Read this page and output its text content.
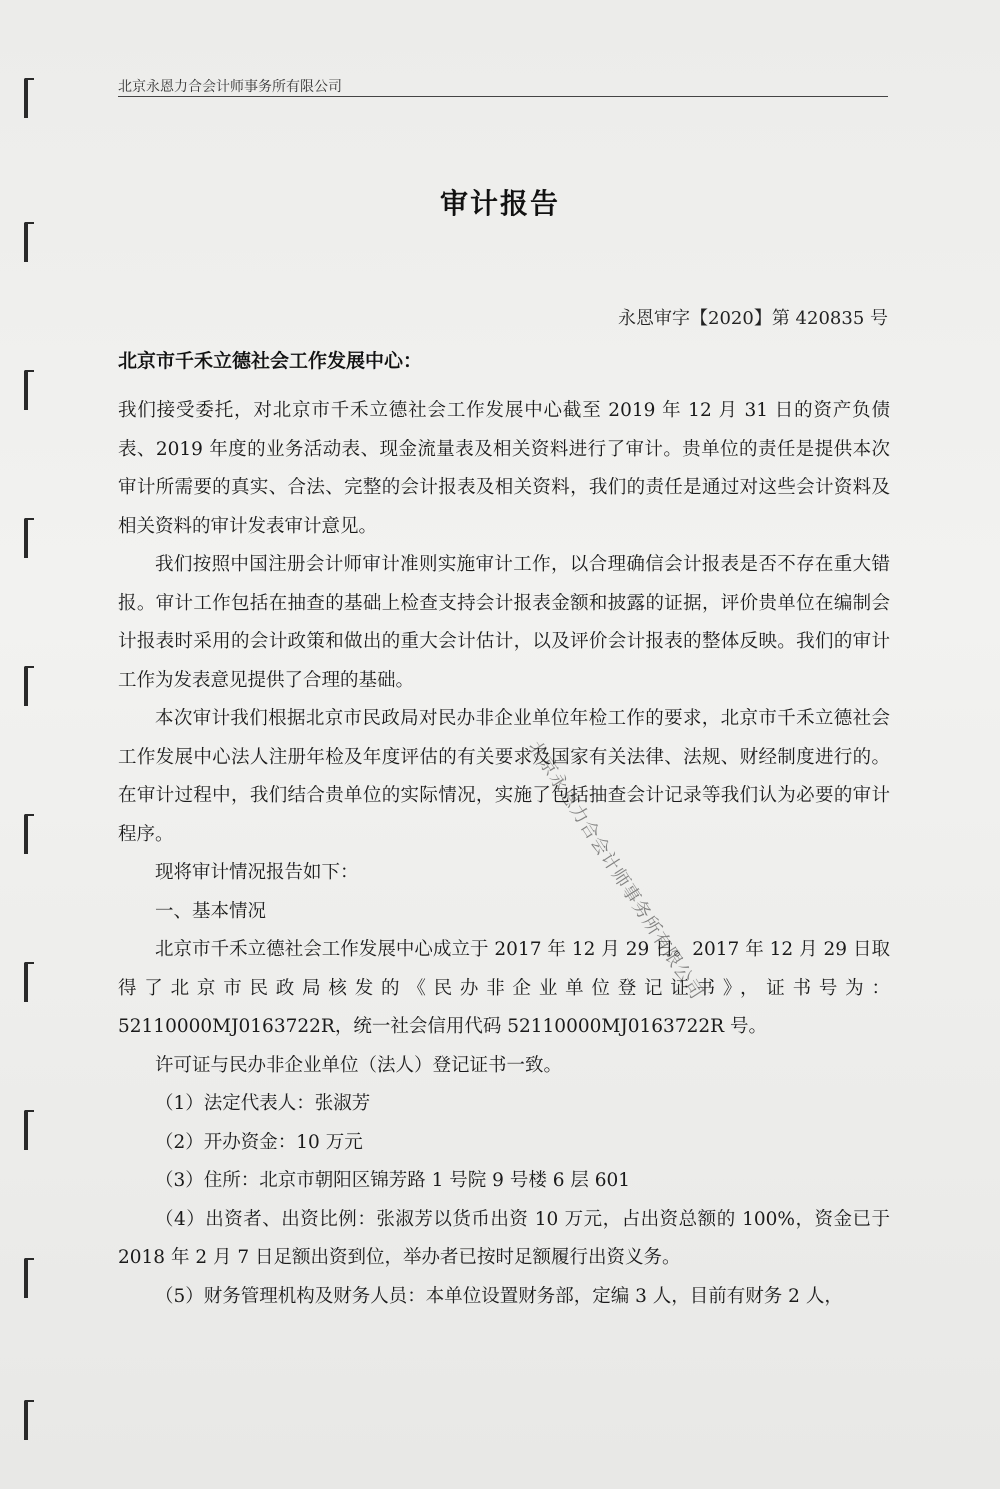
北京永恩力合会计师事务所有限公司
审计报告
永恩审字【2020】第 420835 号
北京市千禾立德社会工作发展中心：

我们接受委托，对北京市千禾立德社会工作发展中心截至 2019 年 12 月 31 日的资产负债表、2019 年度的业务活动表、现金流量表及相关资料进行了审计。贵单位的责任是提供本次审计所需要的真实、合法、完整的会计报表及相关资料，我们的责任是通过对这些会计资料及相关资料的审计发表审计意见。

我们按照中国注册会计师审计准则实施审计工作，以合理确信会计报表是否不存在重大错报。审计工作包括在抽查的基础上检查支持会计报表金额和披露的证据，评价贵单位在编制会计报表时采用的会计政策和做出的重大会计估计，以及评价会计报表的整体反映。我们的审计工作为发表意见提供了合理的基础。

本次审计我们根据北京市民政局对民办非企业单位年检工作的要求，北京市千禾立德社会工作发展中心法人注册年检及年度评估的有关要求及国家有关法律、法规、财经制度进行的。在审计过程中，我们结合贵单位的实际情况，实施了包括抽查会计记录等我们认为必要的审计程序。

现将审计情况报告如下：

一、基本情况

北京市千禾立德社会工作发展中心成立于 2017 年 12 月 29 日。2017 年 12 月 29 日取得了北京市民政局核发的《民办非企业单位登记证书》，证书号为：52110000MJ0163722R，统一社会信用代码 52110000MJ0163722R 号。

许可证与民办非企业单位（法人）登记证书一致。

（1）法定代表人：张淑芳

（2）开办资金：10 万元

（3）住所：北京市朝阳区锦芳路 1 号院 9 号楼 6 层 601

（4）出资者、出资比例：张淑芳以货币出资 10 万元，占出资总额的 100%，资金已于 2018 年 2 月 7 日足额出资到位，举办者已按时足额履行出资义务。

（5）财务管理机构及财务人员：本单位设置财务部，定编 3 人，目前有财务 2 人，

北京永恩力合会计师事务所有限公司
